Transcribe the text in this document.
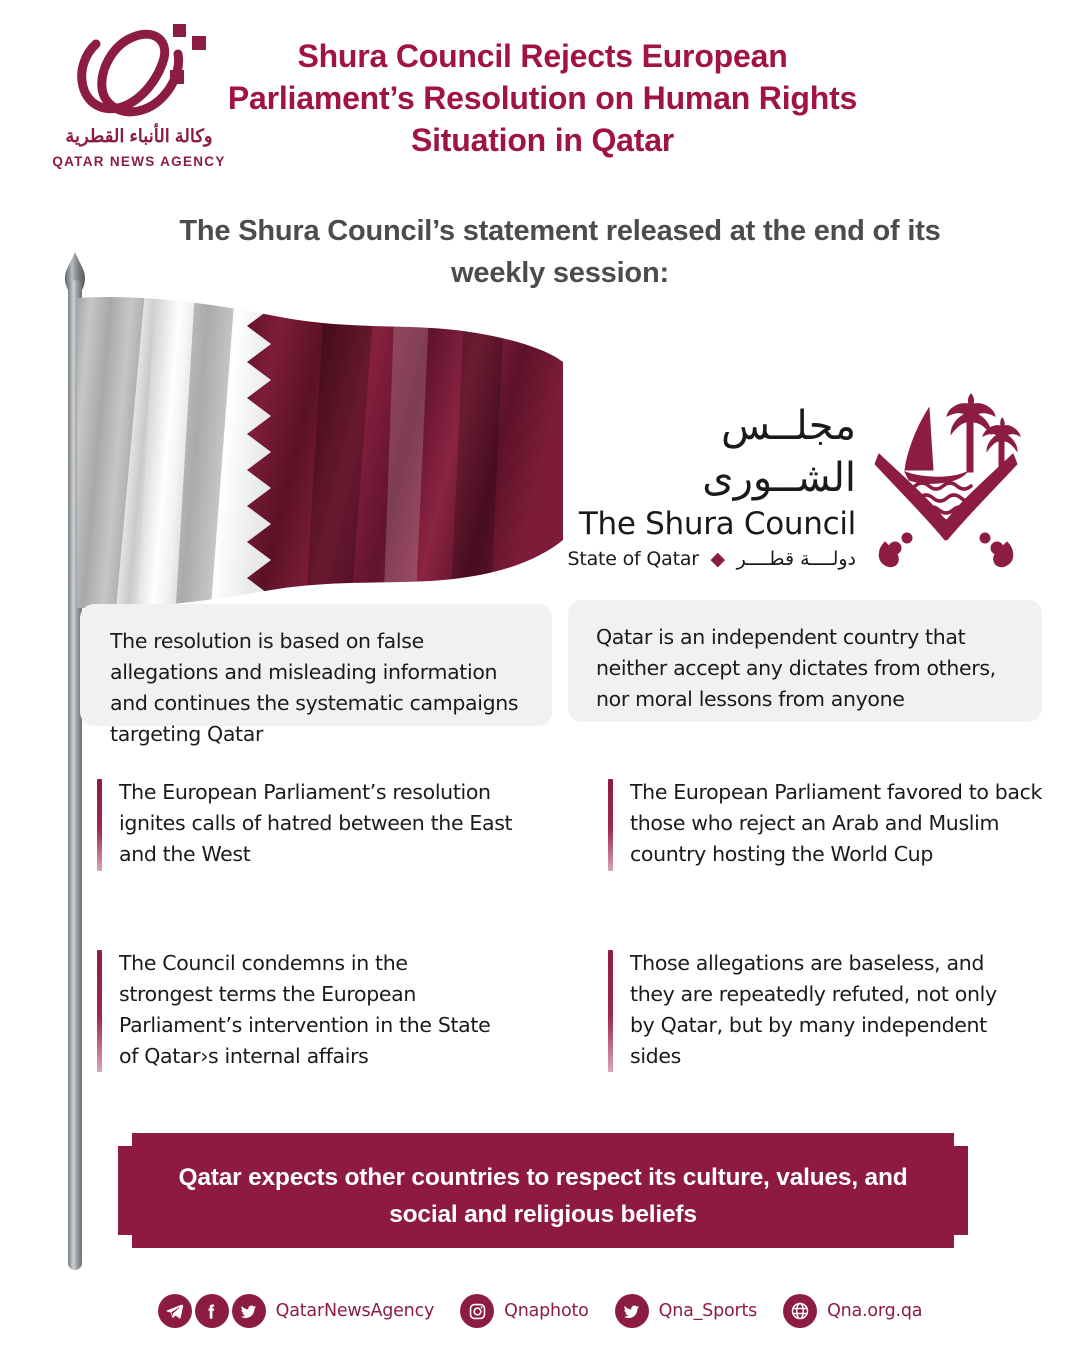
وكالة الأنباء القطرية
QATAR NEWS AGENCY
Shura Council Rejects European Parliament’s Resolution on Human Rights Situation in Qatar
The Shura Council’s statement released at the end of its weekly session:
مجلــس الشــورى
The Shura Council
State of Qatar  ◆  دولــــة قطــــر
The resolution is based on false allegations and misleading information and continues the systematic campaigns targeting Qatar
Qatar is an independent country that neither accept any dictates from others, nor moral lessons from anyone
The European Parliament’s resolution ignites calls of hatred between the East and the West
The European Parliament favored to back those who reject an Arab and Muslim country hosting the World Cup
The Council condemns in the strongest terms the European Parliament’s intervention in the State of Qatar›s internal affairs
Those allegations are baseless, and they are repeatedly refuted, not only by Qatar, but by many independent sides
Qatar expects other countries to respect its culture, values, and social and religious beliefs
QatarNewsAgency	Qnaphoto	Qna_Sports	Qna.org.qa
